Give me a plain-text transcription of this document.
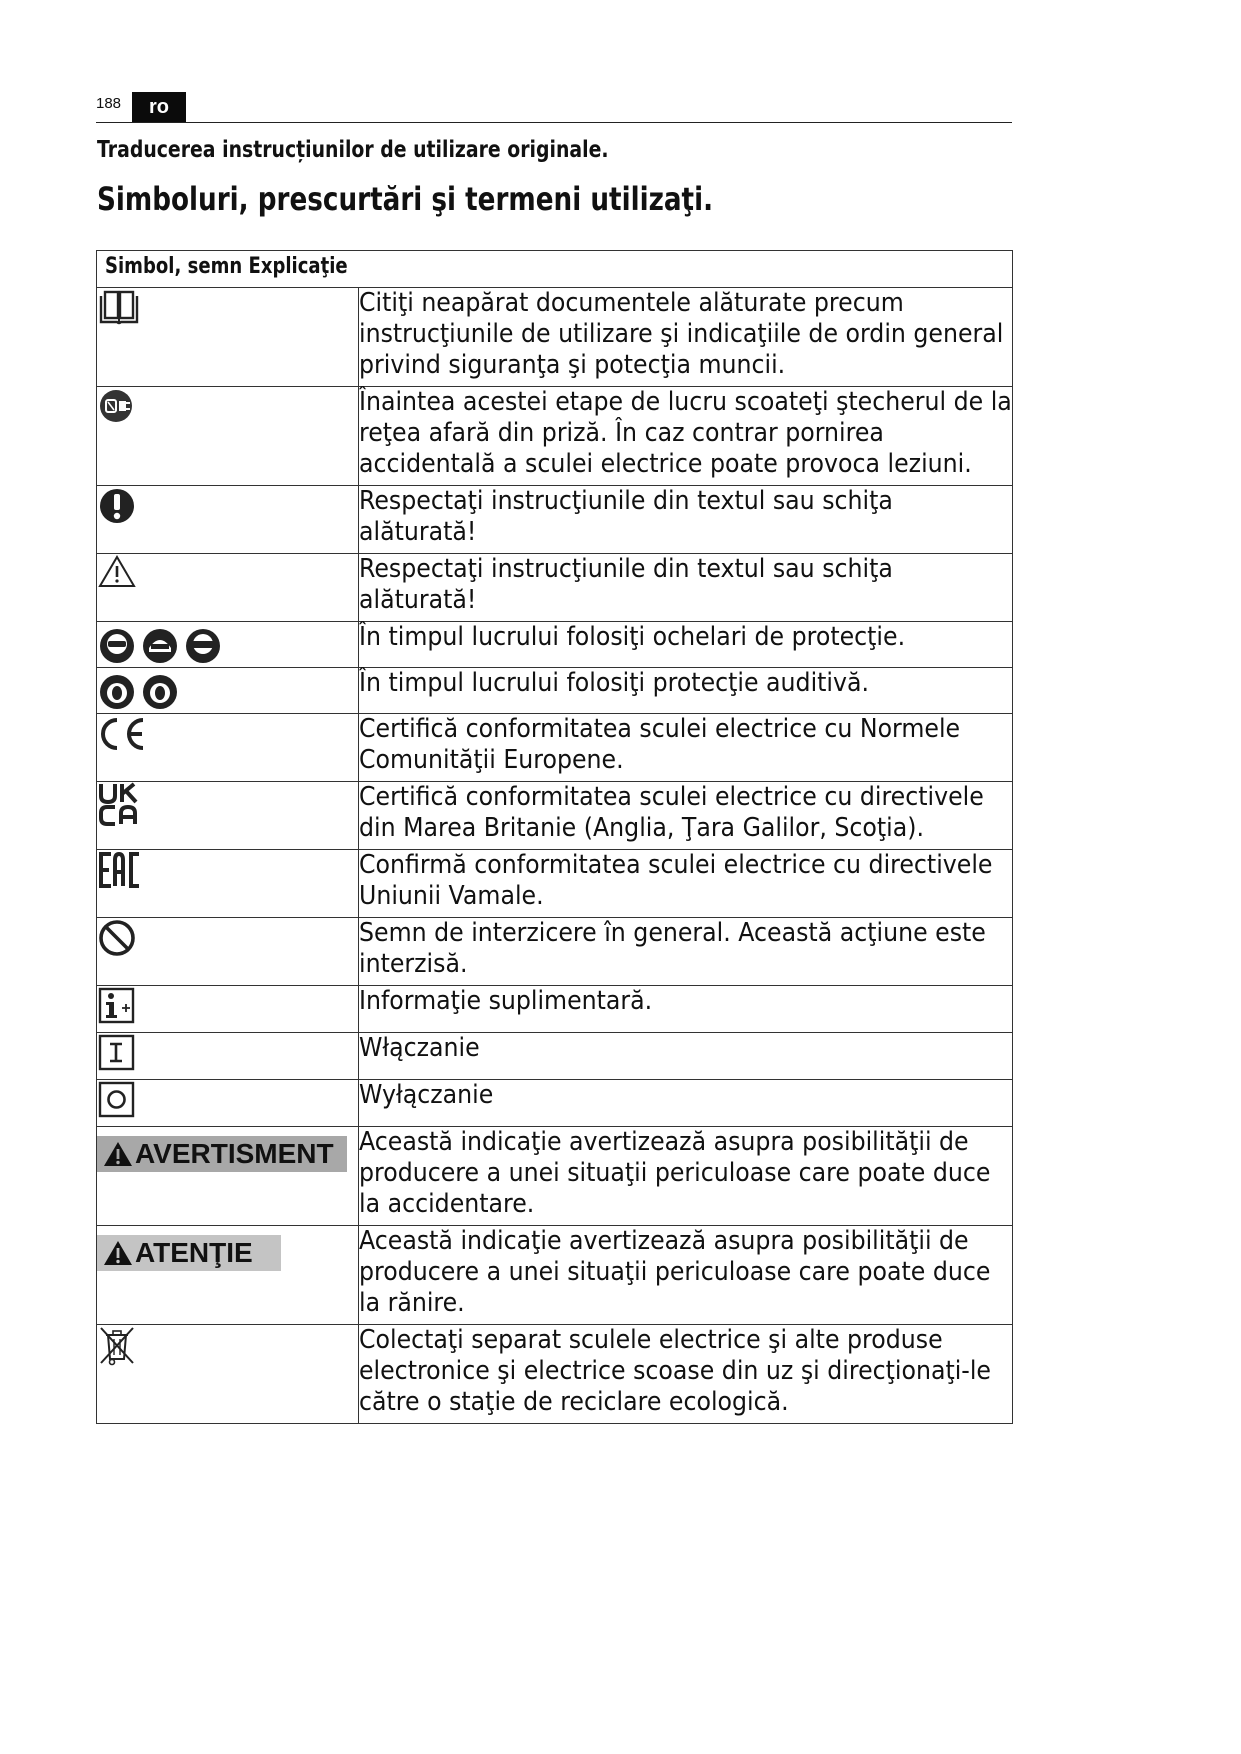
188	ro
Traducerea instrucțiunilor de utilizare originale.
Simboluri, prescurtări şi termeni utilizaţi.
Simbol, semn Explicaţie	

Citiţi neapărat documentele alăturate precum instrucţiunile de utilizare şi indicaţiile de ordin general privind siguranţa şi potecţia muncii.

Înaintea acestei etape de lucru scoateţi ştecherul de la reţea afară din priză. În caz contrar pornirea accidentală a sculei electrice poate provoca leziuni.

Respectaţi instrucţiunile din textul sau schiţa alăturată!

Respectaţi instrucţiunile din textul sau schiţa alăturată!

În timpul lucrului folosiţi ochelari de protecţie.

În timpul lucrului folosiţi protecţie auditivă.

Certifică conformitatea sculei electrice cu Normele Comunităţii Europene.

Certifică conformitatea sculei electrice cu directivele din Marea Britanie (Anglia, Ţara Galilor, Scoţia).

Confirmă conformitatea sculei electrice cu directivele Uniunii Vamale.

Semn de interzicere în general. Această acţiune este interzisă.

Informaţie suplimentară.

Włączanie

Wyłączanie

AVERTISMENT	Această indicaţie avertizează asupra posibilităţii de producere a unei situaţii periculoase care poate duce la accidentare.

ATENŢIE	Această indicaţie avertizează asupra posibilităţii de producere a unei situaţii periculoase care poate duce la rănire.

Colectaţi separat sculele electrice şi alte produse electronice şi electrice scoase din uz şi direcţionaţi-le către o staţie de reciclare ecologică.
